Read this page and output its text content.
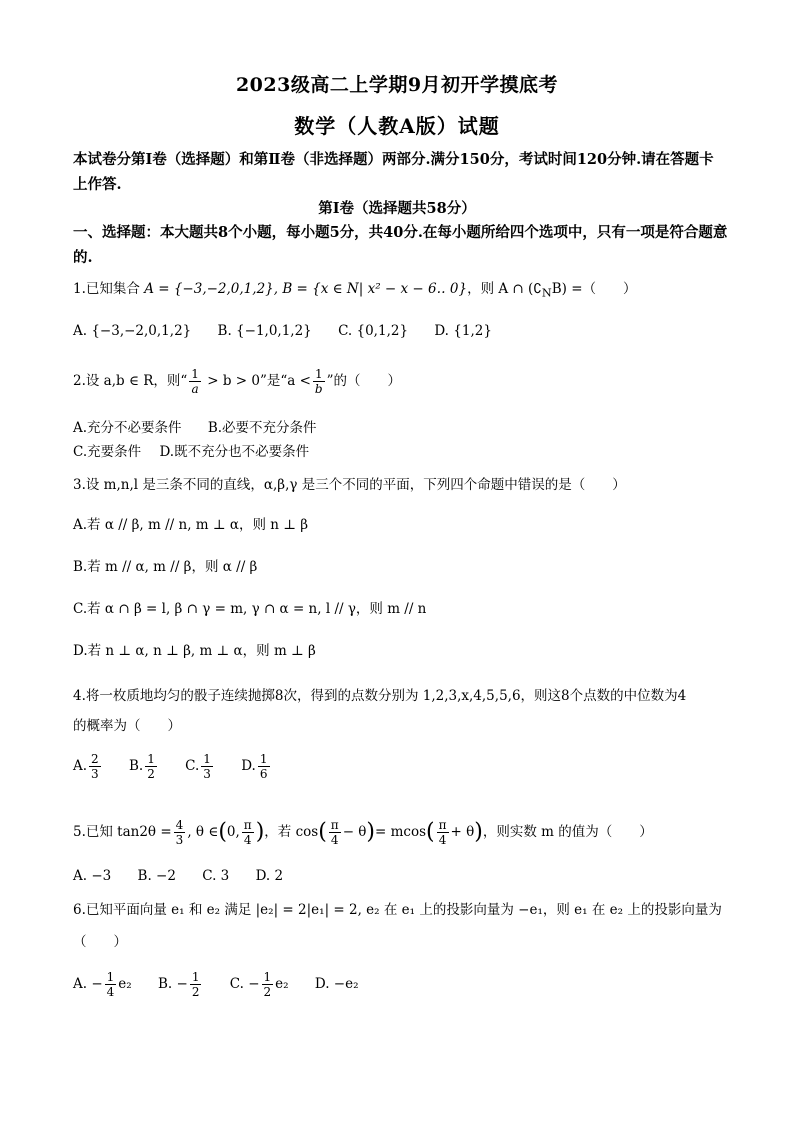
2023级高二上学期9月初开学摸底考
数学（人教A版）试题
本试卷分第I卷（选择题）和第Ⅱ卷（非选择题）两部分.满分150分，考试时间120分钟.请在答题卡上作答.
第I卷（选择题共58分）
一、选择题：本大题共8个小题，每小题5分，共40分.在每小题所给四个选项中，只有一项是符合题意的.
1.已知集合 A = {−3,−2,0,1,2}, B = {x ∈ N| x² − x − 6‥ 0}，则 A ∩ $(∁_NB)$ =（　　）
A. {−3,−2,0,1,2} B. {−1,0,1,2} C. {0,1,2} D. {1,2}
2.设 a,b ∈ R，则“ $\frac{1}{a} > b > 0$”是“$a < \frac{1}{b}$ ”的（　　）
A.充分不必要条件 B.必要不充分条件
C.充要条件 D.既不充分也不必要条件
3.设 m,n,l 是三条不同的直线，α,β,γ 是三个不同的平面，下列四个命题中错误的是（　　）
A.若 α // β, m // n, m ⊥ α，则 n ⊥ β
B.若 m // α, m // β，则 α // β
C.若 α ∩ β = l, β ∩ γ = m, γ ∩ α = n, l // γ，则 m // n
D.若 n ⊥ α, n ⊥ β, m ⊥ α，则 m ⊥ β
4.将一枚质地均匀的骰子连续抛掷8次，得到的点数分别为 1,2,3,x,4,5,5,6，则这8个点数的中位数为4
的概率为（　　）
A. $\frac{2}{3} B$. $\frac{1}{2} C$. $\frac{1}{3} D$. $\frac{1}{6}$
5.已知 $\tan 2\theta = \frac{4}{3}$ , θ ∈(0, $\frac{\pi}{4}$ )，若 $\cos( \frac{\pi}{4} - \theta)= mcos( \frac{\pi}{4} + \theta)$，则实数 m 的值为（　　）
A. −3 B. −2 C. 3 D. 2
6.已知平面向量 e₁ 和 e₂ 满足 |e₂| = 2|e₁| = 2, e₂ 在 e₁ 上的投影向量为 −e₁，则 e₁ 在 e₂ 上的投影向量为
（　　）
A. − $\frac{1}{4} e_2$ B. − $\frac{1}{2} C$. − $\frac{1}{2} e_2$ D. −e₂
